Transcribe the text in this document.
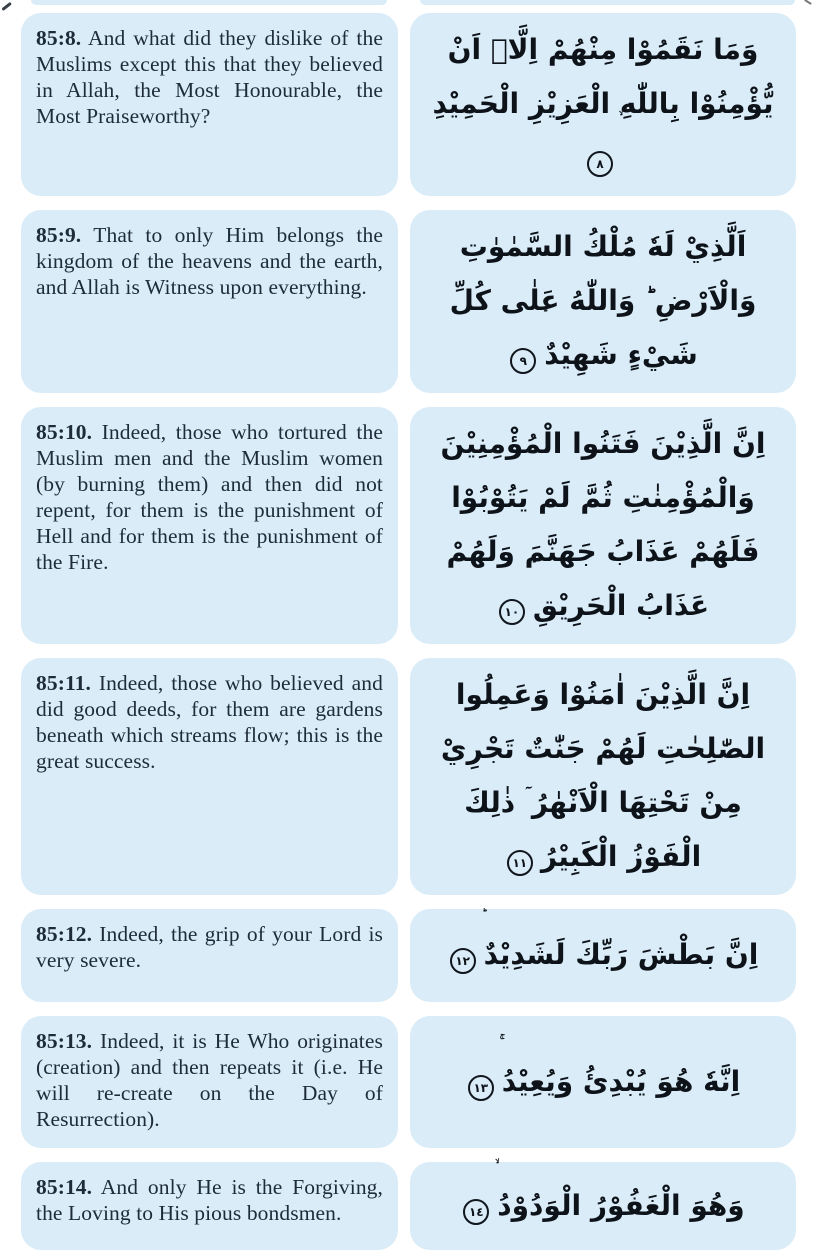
85:8. And what did they dislike of the Muslims except this that they believed in Allah, the Most Honourable, the Most Praiseworthy?

وَمَا نَقَمُوْا مِنْهُمْ اِلَّاۤ اَنْ يُّؤْمِنُوْا بِاللّٰهِ الْعَزِيْزِ الْحَمِيْدِ
٨

85:9. That to only Him belongs the kingdom of the heavens and the earth, and Allah is Witness upon everything.

اَلَّذِيْ لَهٗ مُلْكُ السَّمٰوٰتِ وَالْاَرْضِ ؕ وَاللّٰهُ عَلٰى كُلِّ شَيْءٍ شَهِيْدٌ
٩

85:10. Indeed, those who tortured the Muslim men and the Muslim women (by burning them) and then did not repent, for them is the punishment of Hell and for them is the punishment of the Fire.

اِنَّ الَّذِيْنَ فَتَنُوا الْمُؤْمِنِيْنَ وَالْمُؤْمِنٰتِ ثُمَّ لَمْ يَتُوْبُوْا فَلَهُمْ عَذَابُ جَهَنَّمَ وَلَهُمْ عَذَابُ الْحَرِيْقِ
١٠

85:11. Indeed, those who believed and did good deeds, for them are gardens beneath which streams flow; this is the great success.

اِنَّ الَّذِيْنَ اٰمَنُوْا وَعَمِلُوا الصّٰلِحٰتِ لَهُمْ جَنّٰتٌ تَجْرِيْ مِنْ تَحْتِهَا الْاَنْهٰرُ ۤ ذٰلِكَ الْفَوْزُ الْكَبِيْرُ
١١

85:12. Indeed, the grip of your Lord is very severe.	اِنَّ بَطْشَ رَبِّكَ لَشَدِيْدٌ
١٢

85:13. Indeed, it is He Who originates (creation) and then repeats it (i.e. He will re-create on the Day of Resurrection).

اِنَّهٗ هُوَ يُبْدِئُ وَيُعِيْدُ
١٣

85:14. And only He is the Forgiving, the Loving to His pious bondsmen.	وَهُوَ الْغَفُوْرُ الْوَدُوْدُ
١٤
